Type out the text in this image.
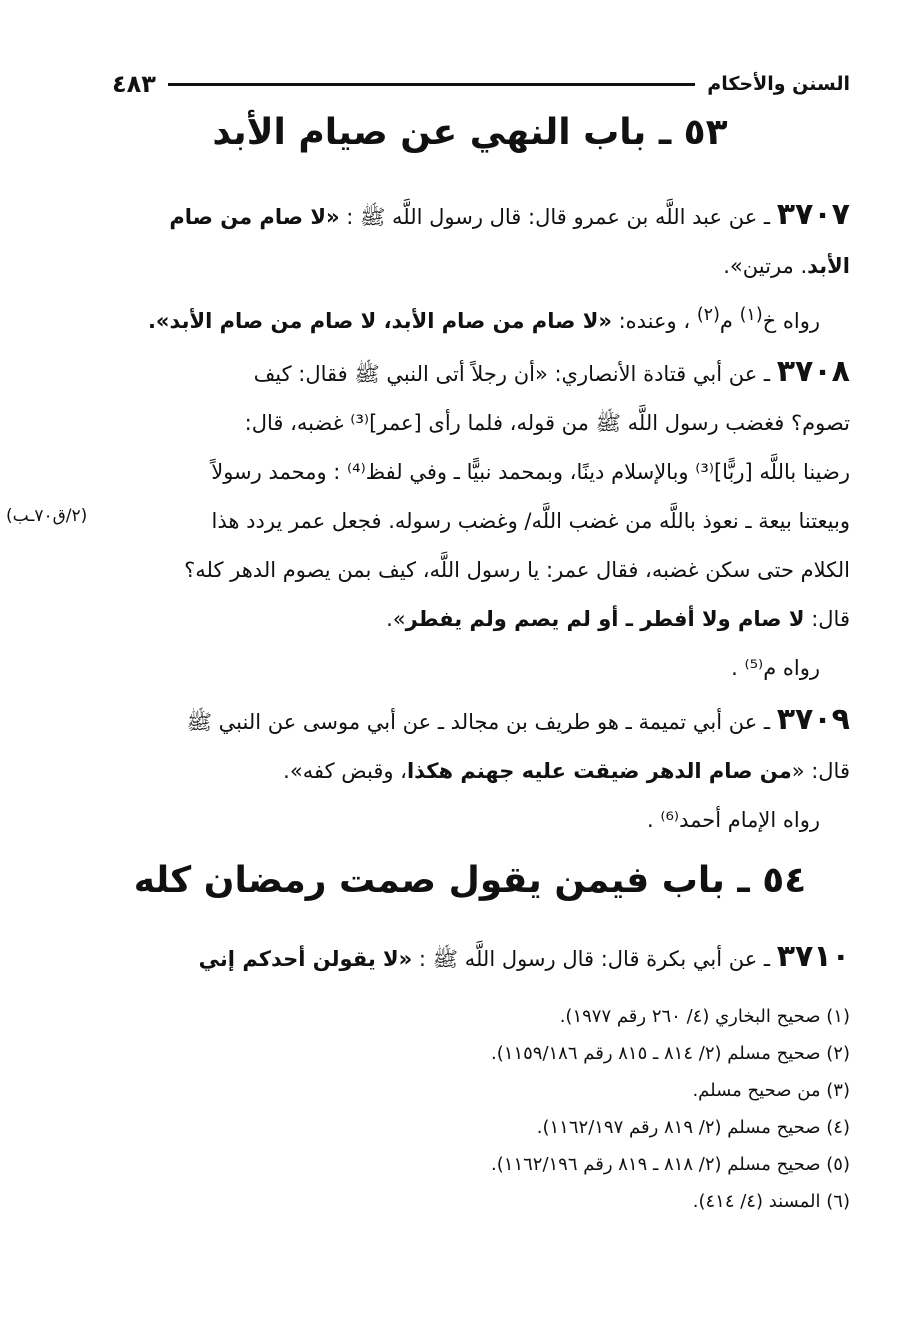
السنن والأحكام
٤٨٣
٥٣ ـ باب النهي عن صيام الأبد
٣٧٠٧ ـ عن عبد اللَّه بن عمرو قال: قال رسول اللَّه ﷺ : «لا صام من صام
الأبد. مرتين».
رواه خ$^{(١)}$ م$^{(٢)}$ ، وعنده: «لا صام من صام الأبد، لا صام من صام الأبد».
٣٧٠٨ ـ عن أبي قتادة الأنصاري: «أن رجلاً أتى النبي ﷺ فقال: كيف
تصوم؟ فغضب رسول اللَّه ﷺ من قوله، فلما رأى [عمر]⁽³⁾ غضبه، قال:
رضينا باللَّه [ربًّا]⁽³⁾ وبالإسلام دينًا، وبمحمد نبيًّا ـ وفي لفظ⁽⁴⁾ : ومحمد رسولاً
وبيعتنا بيعة ـ نعوذ باللَّه من غضب اللَّه/ وغضب رسوله. فجعل عمر يردد هذا
الكلام حتى سكن غضبه، فقال عمر: يا رسول اللَّه، كيف بمن يصوم الدهر كله؟
قال: لا صام ولا أفطر ـ أو لم يصم ولم يفطر».
رواه م⁽⁵⁾ .
(٢/ق٧٠ـب)
٣٧٠٩ ـ عن أبي تميمة ـ هو طريف بن مجالد ـ عن أبي موسى عن النبي ﷺ
قال: «من صام الدهر ضيقت عليه جهنم هكذا، وقبض كفه».
رواه الإمام أحمد⁽⁶⁾ .
٥٤ ـ باب فيمن يقول صمت رمضان كله
٣٧١٠ ـ عن أبي بكرة قال: قال رسول اللَّه ﷺ : «لا يقولن أحدكم إني
(١) صحيح البخاري (٤/ ٢٦٠ رقم ١٩٧٧).
(٢) صحيح مسلم (٢/ ٨١٤ ـ ٨١٥ رقم ١١٥٩/١٨٦).
(٣) من صحيح مسلم.
(٤) صحيح مسلم (٢/ ٨١٩ رقم ١١٦٢/١٩٧).
(٥) صحيح مسلم (٢/ ٨١٨ ـ ٨١٩ رقم ١١٦٢/١٩٦).
(٦) المسند (٤/ ٤١٤).
